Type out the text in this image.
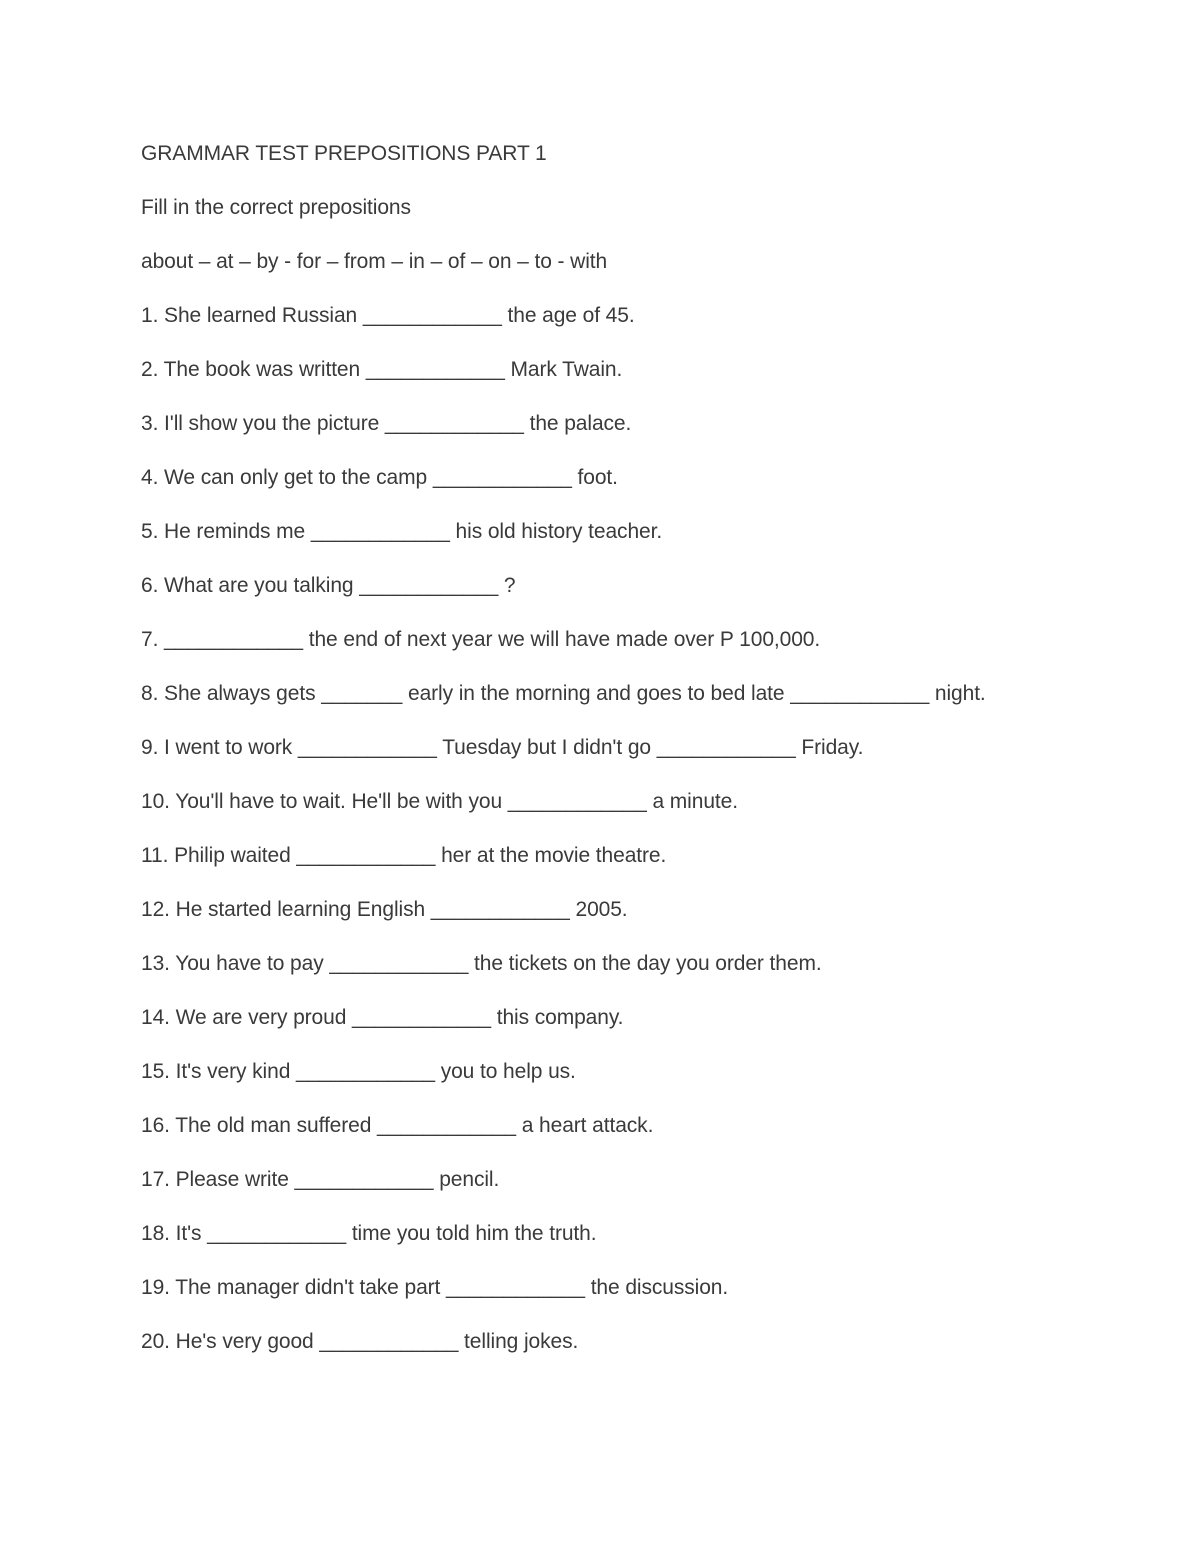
GRAMMAR TEST PREPOSITIONS PART 1

Fill in the correct prepositions

about – at – by - for – from – in – of – on – to - with

1. She learned Russian ____________ the age of 45.
2. The book was written ____________ Mark Twain.
3. I'll show you the picture ____________ the palace.
4. We can only get to the camp ____________ foot.
5. He reminds me ____________ his old history teacher.
6. What are you talking ____________ ?
7. ____________ the end of next year we will have made over P 100,000.
8. She always gets _______ early in the morning and goes to bed late ____________ night.
9. I went to work ____________ Tuesday but I didn't go ____________ Friday.
10. You'll have to wait. He'll be with you ____________ a minute.
11. Philip waited ____________ her at the movie theatre.
12. He started learning English ____________ 2005.
13. You have to pay ____________ the tickets on the day you order them.
14. We are very proud ____________ this company.
15. It's very kind ____________ you to help us.
16. The old man suffered ____________ a heart attack.
17. Please write ____________ pencil.
18. It's ____________ time you told him the truth.
19. The manager didn't take part ____________ the discussion.
20. He's very good ____________ telling jokes.
